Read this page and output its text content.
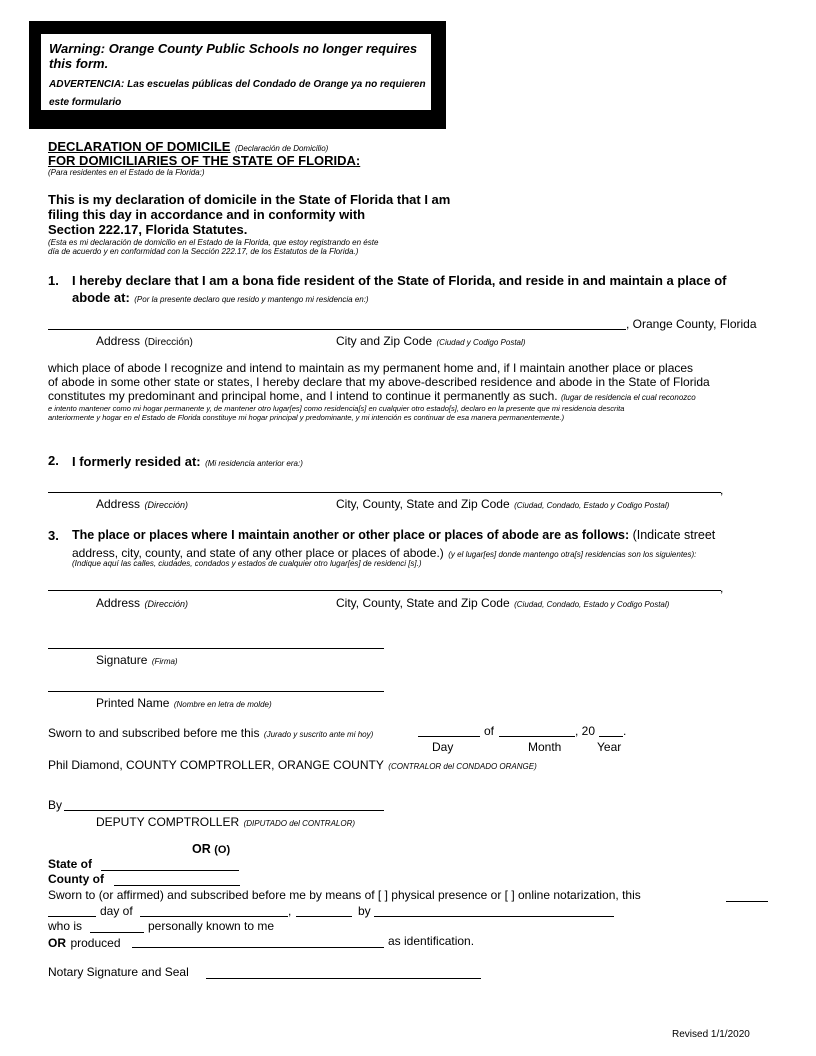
Warning: Orange County Public Schools no longer requires this form.
ADVERTENCIA: Las escuelas públicas del Condado de Orange ya no requieren este formulario
DECLARATION OF DOMICILE (Declaración de Domicilio)
FOR DOMICILIARIES OF THE STATE OF FLORIDA:
(Para residentes en el Estado de la Florida:)
This is my declaration of domicile in the State of Florida that I am
filing this day in accordance and in conformity with
Section 222.17, Florida Statutes.
(Esta es mi declaración de domicilio en el Estado de la Florida, que estoy registrando en éste
día de acuerdo y en conformidad con la Sección 222.17, de los Estatutos de la Florida.)
1. I hereby declare that I am a bona fide resident of the State of Florida, and reside in and maintain a place of
abode at: (Por la presente declaro que resido y mantengo mi residencia en:)
, Orange County, Florida
Address (Dirección)	City and Zip Code (Ciudad y Codigo Postal)
which place of abode I recognize and intend to maintain as my permanent home and, if I maintain another place or places
of abode in some other state or states, I hereby declare that my above-described residence and abode in the State of Florida
constitutes my predominant and principal home, and I intend to continue it permanently as such. (lugar de residencia el cual reconozco
e intento mantener como mi hogar permanente y, de mantener otro lugar[es] como residencia[s] en cualquier otro estado[s], declaro en la presente que mi residencia descrita
anteriormente y hogar en el Estado de Florida constituye mi hogar principal y predominante, y mi intención es continuar de esa manera permanentemente.)
2. I formerly resided at: (Mi residencia anterior era:)
,
Address (Dirección)	City, County, State and Zip Code (Ciudad, Condado, Estado y Codigo Postal)
3. The place or places where I maintain another or other place or places of abode are as follows: (Indicate street
address, city, county, and state of any other place or places of abode.) (y el lugar[es] donde mantengo otra[s] residencias son los siguientes):
(Indique aquí las calles, ciudades, condados y estados de cualquier otro lugar[es] de residenci [s].)
,
Address (Dirección)	City, County, State and Zip Code (Ciudad, Condado, Estado y Codigo Postal)
Signature (Firma)
Printed Name (Nombre en letra de molde)
Sworn to and subscribed before me this (Jurado y suscrito ante mi hoy)	of	, 20 .
Day	Month	Year
Phil Diamond, COUNTY COMPTROLLER, ORANGE COUNTY (CONTRALOR del CONDADO ORANGE)
By
DEPUTY COMPTROLLER (DIPUTADO del CONTRALOR)
OR (O)
State of
County of
Sworn to (or affirmed) and subscribed before me by means of [ ] physical presence or [ ] online notarization, this
day of	,	by
who is	personally known to me
OR produced	as identification.
Notary Signature and Seal
Revised 1/1/2020
